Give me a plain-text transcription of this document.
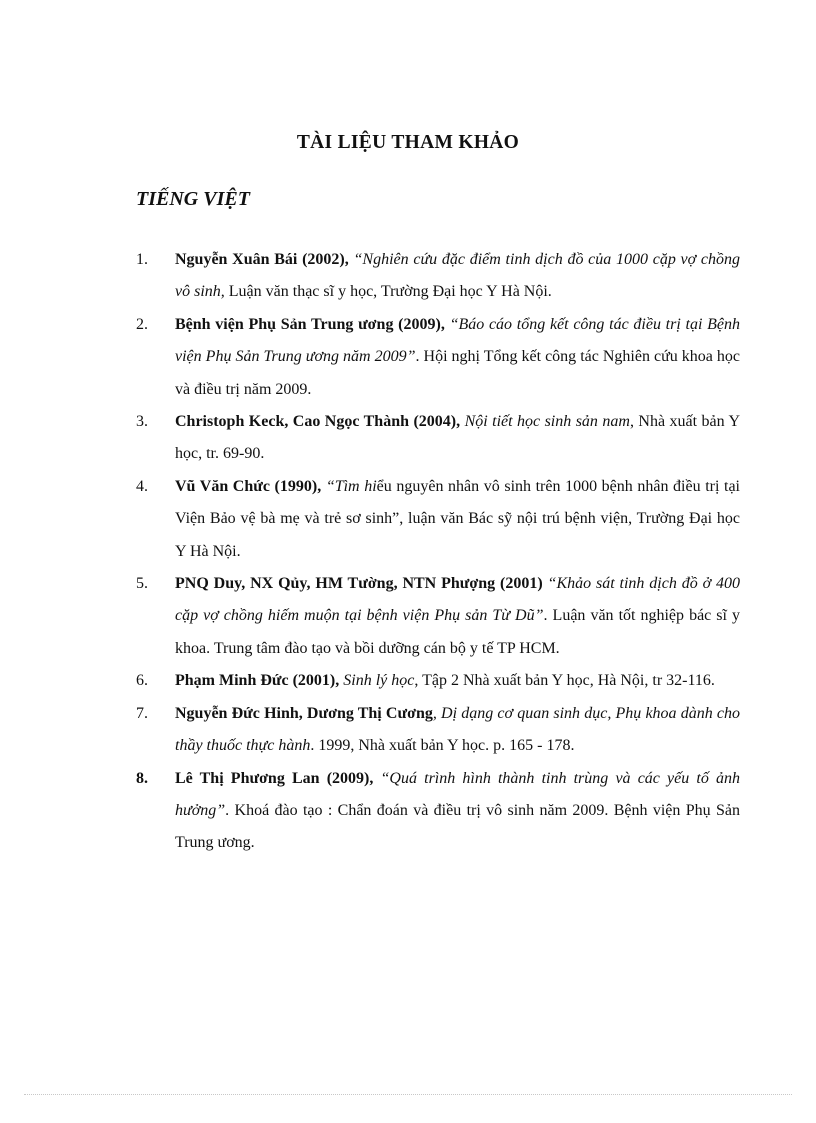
TÀI LIỆU THAM KHẢO
TIẾNG VIỆT
1. Nguyễn Xuân Bái (2002), “Nghiên cứu đặc điểm tinh dịch đồ của 1000 cặp vợ chồng vô sinh, Luận văn thạc sĩ y học, Trường Đại học Y Hà Nội.
2. Bệnh viện Phụ Sản Trung ương (2009), “Báo cáo tổng kết công tác điều trị tại Bệnh viện Phụ Sản Trung ương năm 2009”. Hội nghị Tổng kết công tác Nghiên cứu khoa học và điều trị năm 2009.
3. Christoph Keck, Cao Ngọc Thành (2004), Nội tiết học sinh sản nam, Nhà xuất bản Y học, tr. 69-90.
4. Vũ Văn Chức (1990), “Tìm hiểu nguyên nhân vô sinh trên 1000 bệnh nhân điều trị tại Viện Bảo vệ bà mẹ và trẻ sơ sinh”, luận văn Bác sỹ nội trú bệnh viện, Trường Đại học Y Hà Nội.
5. PNQ Duy, NX Qủy, HM Tường, NTN Phượng (2001) “Khảo sát tinh dịch đồ ở 400 cặp vợ chồng hiếm muộn tại bệnh viện Phụ sản Từ Dũ”. Luận văn tốt nghiệp bác sĩ y khoa. Trung tâm đào tạo và bồi dưỡng cán bộ y tế TP HCM.
6. Phạm Minh Đức (2001), Sinh lý học, Tập 2 Nhà xuất bản Y học, Hà Nội, tr 32-116.
7. Nguyễn Đức Hinh, Dương Thị Cương, Dị dạng cơ quan sinh dục, Phụ khoa dành cho thầy thuốc thực hành. 1999, Nhà xuất bản Y học. p. 165 - 178.
8. Lê Thị Phương Lan (2009), “Quá trình hình thành tinh trùng và các yếu tố ảnh hưởng”. Khoá đào tạo : Chẩn đoán và điều trị vô sinh năm 2009. Bệnh viện Phụ Sản Trung ương.
